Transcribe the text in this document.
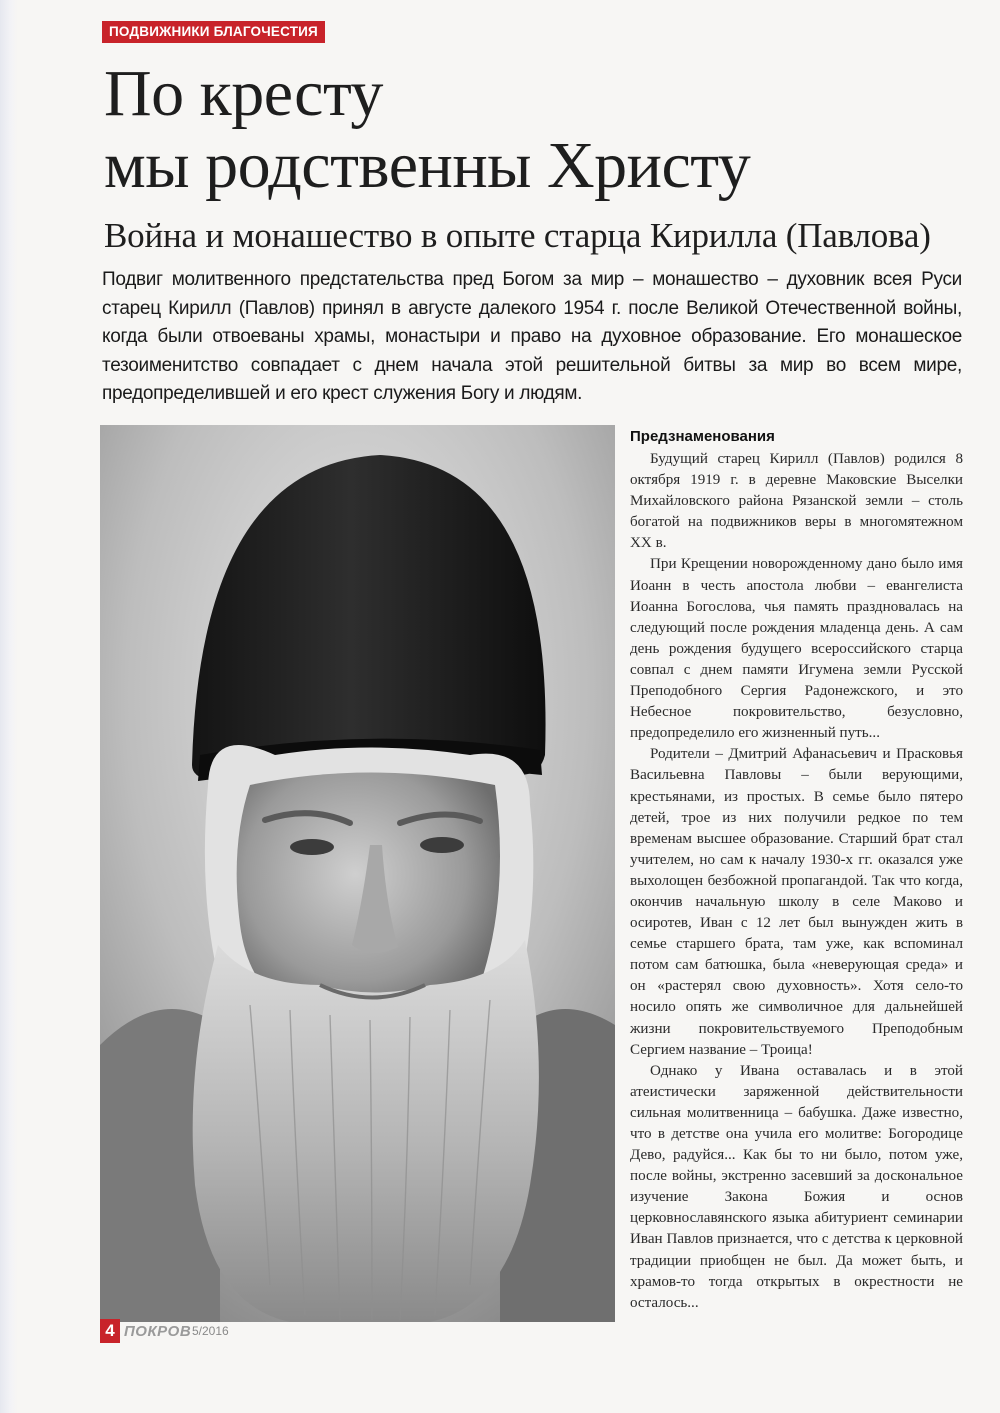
ПОДВИЖНИКИ БЛАГОЧЕСТИЯ
По кресту
мы родственны Христу
Война и монашество в опыте старца Кирилла (Павлова)
Подвиг молитвенного предстательства пред Богом за мир – монашество – духовник всея Руси старец Кирилл (Павлов) принял в августе далекого 1954 г. после Великой Отечественной войны, когда были отвоеваны храмы, монастыри и право на духовное образование. Его монашеское тезоименитство совпадает с днем начала этой решительной битвы за мир во всем мире, предопределившей и его крест служения Богу и людям.
Предзнаменования

Будущий старец Кирилл (Павлов) родился 8 октября 1919 г. в деревне Маковские Выселки Михайловского района Рязанской земли – столь богатой на подвижников веры в многомятежном XX в.

При Крещении новорожденному дано было имя Иоанн в честь апостола любви – евангелиста Иоанна Богослова, чья память праздновалась на следующий после рождения младенца день. А сам день рождения будущего всероссийского старца совпал с днем памяти Игумена земли Русской Преподобного Сергия Радонежского, и это Небесное покровительство, безусловно, предопределило его жизненный путь...

Родители – Дмитрий Афанасьевич и Прасковья Васильевна Павловы – были верующими, крестьянами, из простых. В семье было пятеро детей, трое из них получили редкое по тем временам высшее образование. Старший брат стал учителем, но сам к началу 1930-х гг. оказался уже выхолощен безбожной пропагандой. Так что когда, окончив начальную школу в селе Маково и осиротев, Иван с 12 лет был вынужден жить в семье старшего брата, там уже, как вспоминал потом сам батюшка, была «неверующая среда» и он «растерял свою духовность». Хотя село-то носило опять же символичное для дальнейшей жизни покровительствуемого Преподобным Сергием название – Троица!

Однако у Ивана оставалась и в этой атеистически заряженной действительности сильная молитвенница – бабушка. Даже известно, что в детстве она учила его молитве: Богородице Дево, радуйся... Как бы то ни было, потом уже, после войны, экстренно засевший за доскональное изучение Закона Божия и основ церковнославянского языка абитуриент семинарии Иван Павлов признается, что с детства к церковной традиции приобщен не был. Да может быть, и храмов-то тогда открытых в окрестности не осталось...

4 ПОКРОВ 5/2016
